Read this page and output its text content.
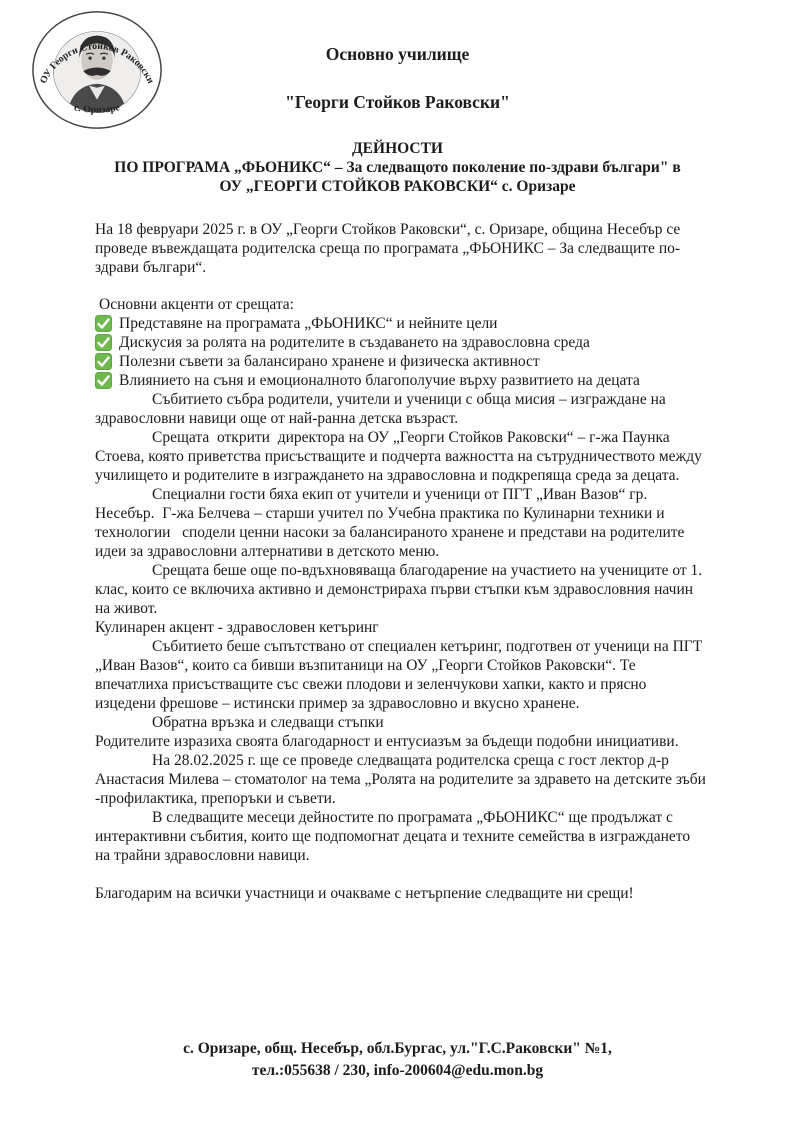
ОУ Георги Стойков Раковски
с. Оризаре
Основно училище
"Георги Стойков Раковски"
ДЕЙНОСТИ
ПО ПРОГРАМА „ФЬОНИКС“ – За следващото поколение по-здрави българи" в
ОУ „ГЕОРГИ СТОЙКОВ РАКОВСКИ“ с. Оризаре

На 18 февруари 2025 г. в ОУ „Георги Стойков Раковски“, с. Оризаре, община Несебър се проведе въвеждащата родителска среща по програмата „ФЬОНИКС – За следващите по-здрави българи“.

Основни акценти от срещата:

Представяне на програмата „ФЬОНИКС“ и нейните цели
Дискусия за ролята на родителите в създаването на здравословна среда
Полезни съвети за балансирано хранене и физическа активност
Влиянието на съня и емоционалното благополучие върху развитието на децата

Събитието събра родители, учители и ученици с обща мисия – изграждане на здравословни навици още от най-ранна детска възраст.

Срещата  открити  директора на ОУ „Георги Стойков Раковски“ – г-жа Паунка Стоева, която приветства присъстващите и подчерта важността на сътрудничеството между училището и родителите в изграждането на здравословна и подкрепяща среда за децата.

Специални гости бяха екип от учители и ученици от ПГТ „Иван Вазов“ гр. Несебър.  Г-жа Белчева – старши учител по Учебна практика по Кулинарни техники и технологии   сподели ценни насоки за балансираното хранене и представи на родителите идеи за здравословни алтернативи в детското меню.

Срещата беше още по-вдъхновяваща благодарение на участието на учениците от 1. клас, които се включиха активно и демонстрираха първи стъпки към здравословния начин на живот.

Кулинарен акцент - здравословен кетъринг

Събитието беше съпътствано от специален кетъринг, подготвен от ученици на ПГТ „Иван Вазов“, които са бивши възпитаници на ОУ „Георги Стойков Раковски“. Те впечатлиха присъстващите със свежи плодови и зеленчукови хапки, както и прясно изцедени фрешове – истински пример за здравословно и вкусно хранене.

Обратна връзка и следващи стъпки

Родителите изразиха своята благодарност и ентусиазъм за бъдещи подобни инициативи.

На 28.02.2025 г. ще се проведе следващата родителска среща с гост лектор д-р Анастасия Милева – стоматолог на тема „Ролята на родителите за здравето на детските зъби -профилактика, препоръки и съвети.

В следващите месеци дейностите по програмата „ФЬОНИКС“ ще продължат с интерактивни събития, които ще подпомогнат децата и техните семейства в изграждането на трайни здравословни навици.

Благодарим на всички участници и очакваме с нетърпение следващите ни срещи!

с. Оризаре, общ. Несебър, обл.Бургас, ул."Г.С.Раковски" №1,
тел.:055638 / 230, info-200604@edu.mon.bg
